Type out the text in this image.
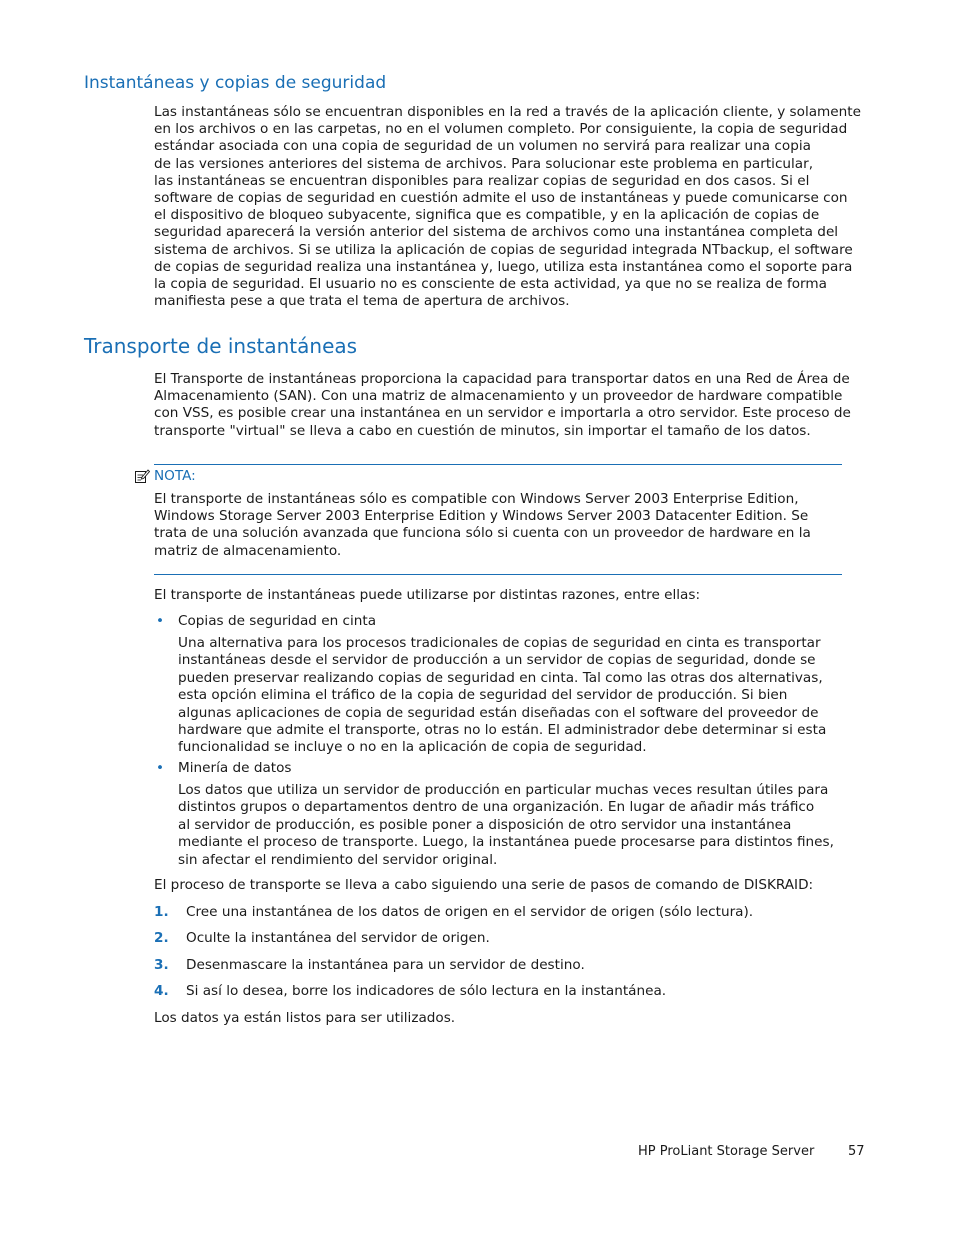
Instantáneas y copias de seguridad

Las instantáneas sólo se encuentran disponibles en la red a través de la aplicación cliente, y solamente
en los archivos o en las carpetas, no en el volumen completo. Por consiguiente, la copia de seguridad
estándar asociada con una copia de seguridad de un volumen no servirá para realizar una copia
de las versiones anteriores del sistema de archivos. Para solucionar este problema en particular,
las instantáneas se encuentran disponibles para realizar copias de seguridad en dos casos. Si el
software de copias de seguridad en cuestión admite el uso de instantáneas y puede comunicarse con
el dispositivo de bloqueo subyacente, significa que es compatible, y en la aplicación de copias de
seguridad aparecerá la versión anterior del sistema de archivos como una instantánea completa del
sistema de archivos. Si se utiliza la aplicación de copias de seguridad integrada NTbackup, el software
de copias de seguridad realiza una instantánea y, luego, utiliza esta instantánea como el soporte para
la copia de seguridad. El usuario no es consciente de esta actividad, ya que no se realiza de forma
manifiesta pese a que trata el tema de apertura de archivos.

Transporte de instantáneas

El Transporte de instantáneas proporciona la capacidad para transportar datos en una Red de Área de
Almacenamiento (SAN). Con una matriz de almacenamiento y un proveedor de hardware compatible
con VSS, es posible crear una instantánea en un servidor e importarla a otro servidor. Este proceso de
transporte "virtual" se lleva a cabo en cuestión de minutos, sin importar el tamaño de los datos.

NOTA:

El transporte de instantáneas sólo es compatible con Windows Server 2003 Enterprise Edition,
Windows Storage Server 2003 Enterprise Edition y Windows Server 2003 Datacenter Edition. Se
trata de una solución avanzada que funciona sólo si cuenta con un proveedor de hardware en la
matriz de almacenamiento.

El transporte de instantáneas puede utilizarse por distintas razones, entre ellas:

• Copias de seguridad en cinta

Una alternativa para los procesos tradicionales de copias de seguridad en cinta es transportar
instantáneas desde el servidor de producción a un servidor de copias de seguridad, donde se
pueden preservar realizando copias de seguridad en cinta. Tal como las otras dos alternativas,
esta opción elimina el tráfico de la copia de seguridad del servidor de producción. Si bien
algunas aplicaciones de copia de seguridad están diseñadas con el software del proveedor de
hardware que admite el transporte, otras no lo están. El administrador debe determinar si esta
funcionalidad se incluye o no en la aplicación de copia de seguridad.

• Minería de datos

Los datos que utiliza un servidor de producción en particular muchas veces resultan útiles para
distintos grupos o departamentos dentro de una organización. En lugar de añadir más tráfico
al servidor de producción, es posible poner a disposición de otro servidor una instantánea
mediante el proceso de transporte. Luego, la instantánea puede procesarse para distintos fines,
sin afectar el rendimiento del servidor original.

El proceso de transporte se lleva a cabo siguiendo una serie de pasos de comando de DISKRAID:

1. Cree una instantánea de los datos de origen en el servidor de origen (sólo lectura).
2. Oculte la instantánea del servidor de origen.
3. Desenmascare la instantánea para un servidor de destino.
4. Si así lo desea, borre los indicadores de sólo lectura en la instantánea.

Los datos ya están listos para ser utilizados.

HP ProLiant Storage Server	57
